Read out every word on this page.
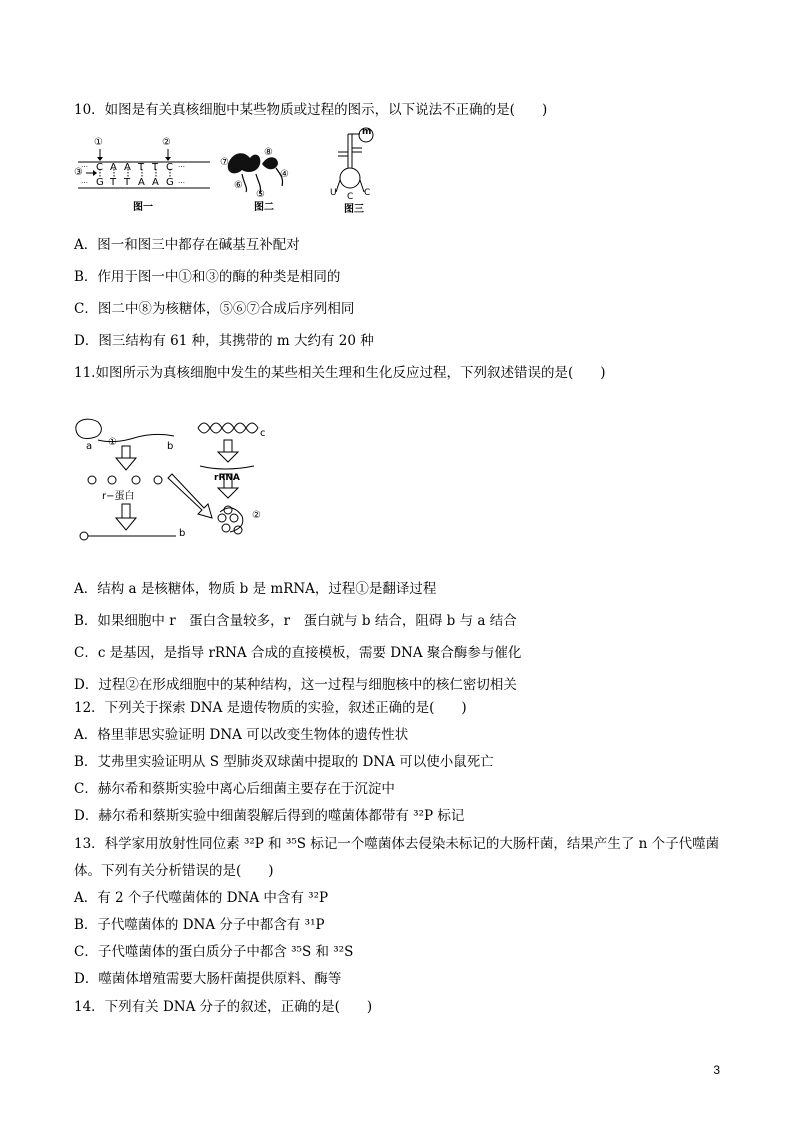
10．如图是有关真核细胞中某些物质或过程的图示，以下说法不正确的是(　　)
…
…
…
…
①	②
③ C A A T T C
G T T A A G
图一
⑦
⑧
⑥
④
⑤
图二
m
U C C
图三
A．图一和图三中都存在碱基互补配对
B．作用于图一中①和③的酶的种类是相同的
C．图二中⑧为核糖体，⑤⑥⑦合成后序列相同
D．图三结构有 61 种，其携带的 m 大约有 20 种
11.如图所示为真核细胞中发生的某些相关生理和生化反应过程，下列叙述错误的是(　　)
a ①	b
c
r−蛋白
rRNA
②
b
A．结构 a 是核糖体，物质 b 是 mRNA，过程①是翻译过程
B．如果细胞中 r　蛋白含量较多，r　蛋白就与 b 结合，阻碍 b 与 a 结合
C．c 是基因，是指导 rRNA 合成的直接模板，需要 DNA 聚合酶参与催化
D．过程②在形成细胞中的某种结构，这一过程与细胞核中的核仁密切相关
12．下列关于探索 DNA 是遗传物质的实验，叙述正确的是(　　)
A．格里菲思实验证明 DNA 可以改变生物体的遗传性状
B．艾弗里实验证明从 S 型肺炎双球菌中提取的 DNA 可以使小鼠死亡
C．赫尔希和蔡斯实验中离心后细菌主要存在于沉淀中
D．赫尔希和蔡斯实验中细菌裂解后得到的噬菌体都带有 ³²P 标记
13．科学家用放射性同位素 ³²P 和 ³⁵S 标记一个噬菌体去侵染未标记的大肠杆菌，结果产生了 n 个子代噬菌
体。下列有关分析错误的是(　　)
A．有 2 个子代噬菌体的 DNA 中含有 ³²P
B．子代噬菌体的 DNA 分子中都含有 ³¹P
C．子代噬菌体的蛋白质分子中都含 ³⁵S 和 ³²S
D．噬菌体增殖需要大肠杆菌提供原料、酶等
14．下列有关 DNA 分子的叙述，正确的是(　　)
3
